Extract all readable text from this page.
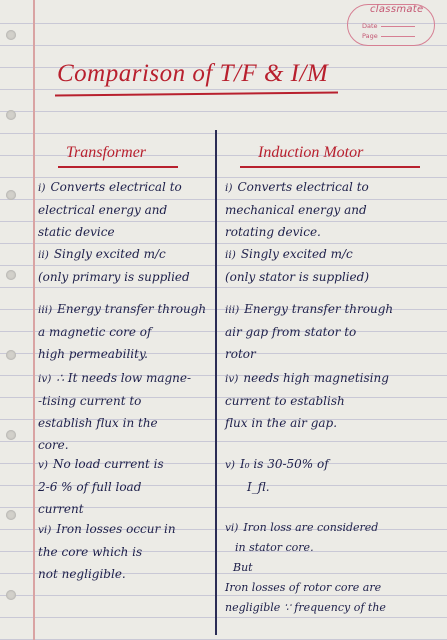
classmate
Date
Page
Comparison of T/F & I/M
Transformer	Induction Motor
i) Converts electrical to
electrical energy and
static device
i) Converts electrical to
mechanical energy and
rotating device.
ii) Singly excited m/c
(only primary is supplied
ii) Singly excited m/c
(only stator is supplied)
iii) Energy transfer through
a magnetic core of
high permeability.
iii) Energy transfer through
air gap from stator to
rotor
iv) ∴ It needs low magne-
-tising current to
establish flux in the
core.
iv) needs high magnetising
current to establish
flux in the air gap.
v) No load current is
2-6 % of full load
current
v) I₀ is 30-50% of
I_fl.
vi) Iron losses occur in
the core which is
not negligible.
vi) Iron loss are considered
in stator core.
But
Iron losses of rotor core are
negligible ∵ frequency of the
